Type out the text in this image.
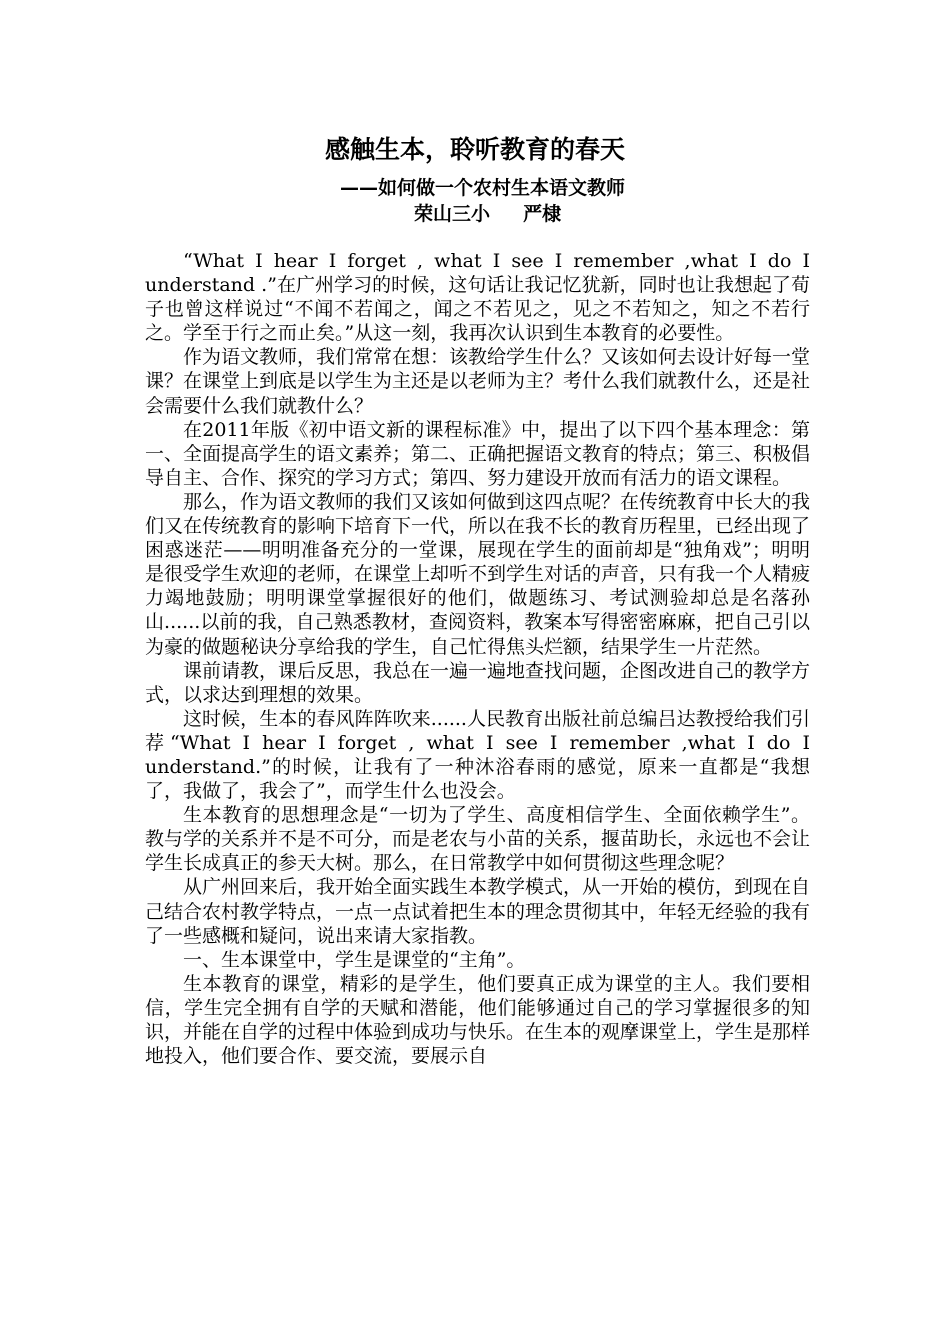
感触生本，聆听教育的春天
——如何做一个农村生本语文教师
荣山三小     严棣

“What I hear I forget , what I see I remember ,what I do I understand .”在广州学习的时候，这句话让我记忆犹新，同时也让我想起了荀子也曾这样说过“不闻不若闻之，闻之不若见之，见之不若知之，知之不若行之。学至于行之而止矣。”从这一刻，我再次认识到生本教育的必要性。

作为语文教师，我们常常在想：该教给学生什么？又该如何去设计好每一堂课？在课堂上到底是以学生为主还是以老师为主？考什么我们就教什么，还是社会需要什么我们就教什么？

在2011年版《初中语文新的课程标准》中，提出了以下四个基本理念：第一、全面提高学生的语文素养；第二、正确把握语文教育的特点；第三、积极倡导自主、合作、探究的学习方式；第四、努力建设开放而有活力的语文课程。

那么，作为语文教师的我们又该如何做到这四点呢？在传统教育中长大的我们又在传统教育的影响下培育下一代，所以在我不长的教育历程里，已经出现了困惑迷茫——明明准备充分的一堂课，展现在学生的面前却是“独角戏”；明明是很受学生欢迎的老师，在课堂上却听不到学生对话的声音，只有我一个人精疲力竭地鼓励；明明课堂掌握很好的他们，做题练习、考试测验却总是名落孙山......以前的我，自己熟悉教材，查阅资料，教案本写得密密麻麻，把自己引以为豪的做题秘诀分享给我的学生，自己忙得焦头烂额，结果学生一片茫然。

课前请教，课后反思，我总在一遍一遍地查找问题，企图改进自己的教学方式，以求达到理想的效果。

这时候，生本的春风阵阵吹来......人民教育出版社前总编吕达教授给我们引荐“What I hear I forget , what I see I remember ,what I do I understand.”的时候，让我有了一种沐浴春雨的感觉，原来一直都是“我想了，我做了，我会了”，而学生什么也没会。

生本教育的思想理念是“一切为了学生、高度相信学生、全面依赖学生”。教与学的关系并不是不可分，而是老农与小苗的关系，揠苗助长，永远也不会让学生长成真正的参天大树。那么，在日常教学中如何贯彻这些理念呢？

从广州回来后，我开始全面实践生本教学模式，从一开始的模仿，到现在自己结合农村教学特点，一点一点试着把生本的理念贯彻其中，年轻无经验的我有了一些感概和疑问，说出来请大家指教。

一、生本课堂中，学生是课堂的“主角”。

生本教育的课堂，精彩的是学生，他们要真正成为课堂的主人。我们要相信，学生完全拥有自学的天赋和潜能，他们能够通过自己的学习掌握很多的知识，并能在自学的过程中体验到成功与快乐。在生本的观摩课堂上，学生是那样地投入，他们要合作、要交流，要展示自
